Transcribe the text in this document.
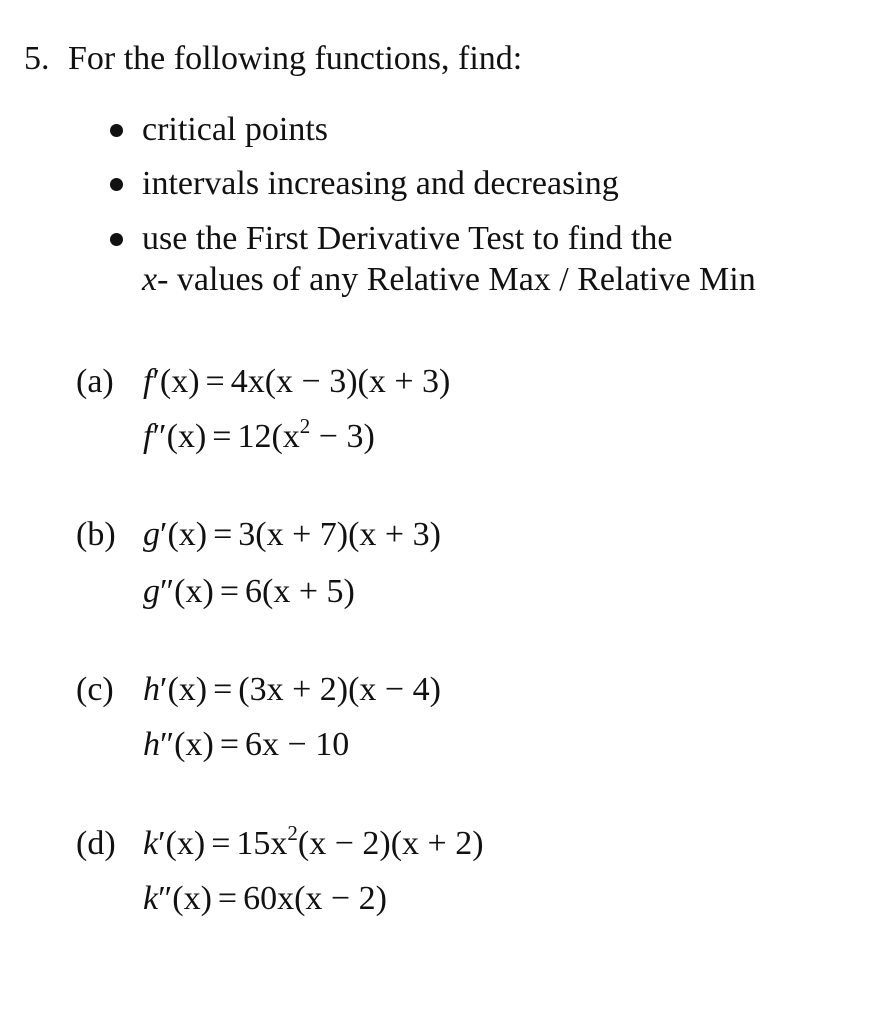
5. For the following functions, find:
critical points
intervals increasing and decreasing
use the First Derivative Test to find the
x- values of any Relative Max / Relative Min
(a) f′(x) = 4x(x − 3)(x + 3)
$f''(x) = 12(x^2 - 3)$
(b) g′(x) = 3(x + 7)(x + 3)
g″(x) = 6(x + 5)
(c) h′(x) = (3x + 2)(x − 4)
h″(x) = 6x − 10
(d) $k'(x) = 15x^2(x - 2)(x + 2)$
k″(x) = 60x(x − 2)
